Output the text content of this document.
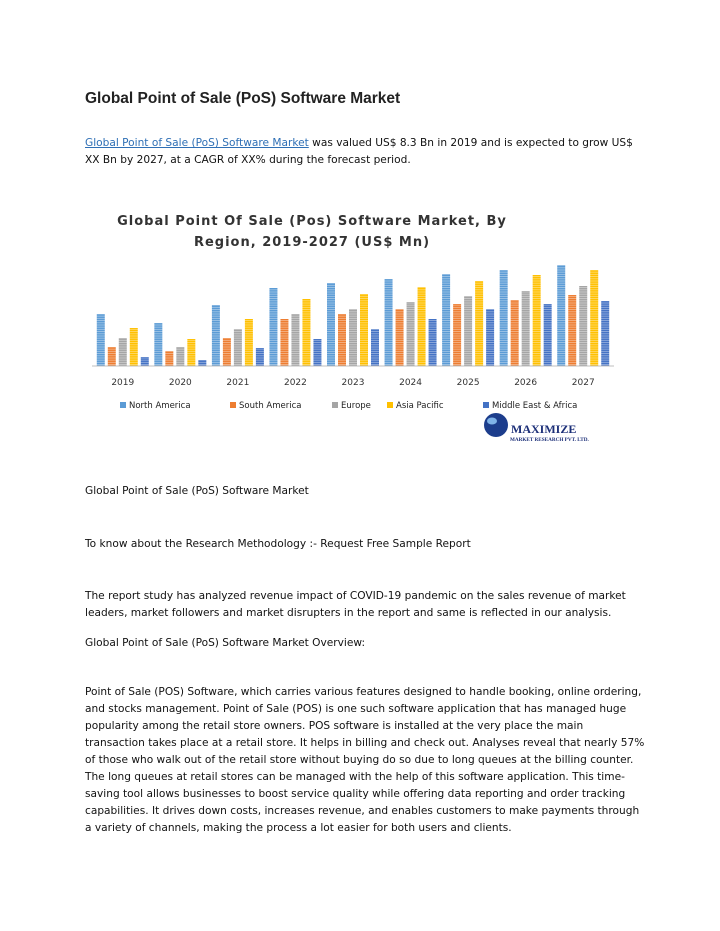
Global Point of Sale (PoS) Software Market
Global Point of Sale (PoS) Software Market was valued US$ 8.3 Bn in 2019 and is expected to grow US$
XX Bn by 2027, at a CAGR of XX% during the forecast period.
Global Point Of Sale (Pos) Software Market, By
Region, 2019-2027 (US$ Mn)
2019	2020	2021	2022	2023	2024	2025	2026	2027
North America	South America	Europe	Asia Pacific	Middle East & Africa
MAXIMIZE
MARKET RESEARCH PVT. LTD.
Global Point of Sale (PoS) Software Market
To know about the Research Methodology :- Request Free Sample Report
The report study has analyzed revenue impact of COVID-19 pandemic on the sales revenue of market
leaders, market followers and market disrupters in the report and same is reflected in our analysis.
Global Point of Sale (PoS) Software Market Overview:
Point of Sale (POS) Software, which carries various features designed to handle booking, online ordering,
and stocks management. Point of Sale (POS) is one such software application that has managed huge
popularity among the retail store owners. POS software is installed at the very place the main
transaction takes place at a retail store. It helps in billing and check out. Analyses reveal that nearly 57%
of those who walk out of the retail store without buying do so due to long queues at the billing counter.
The long queues at retail stores can be managed with the help of this software application. This time-
saving tool allows businesses to boost service quality while offering data reporting and order tracking
capabilities. It drives down costs, increases revenue, and enables customers to make payments through
a variety of channels, making the process a lot easier for both users and clients.
